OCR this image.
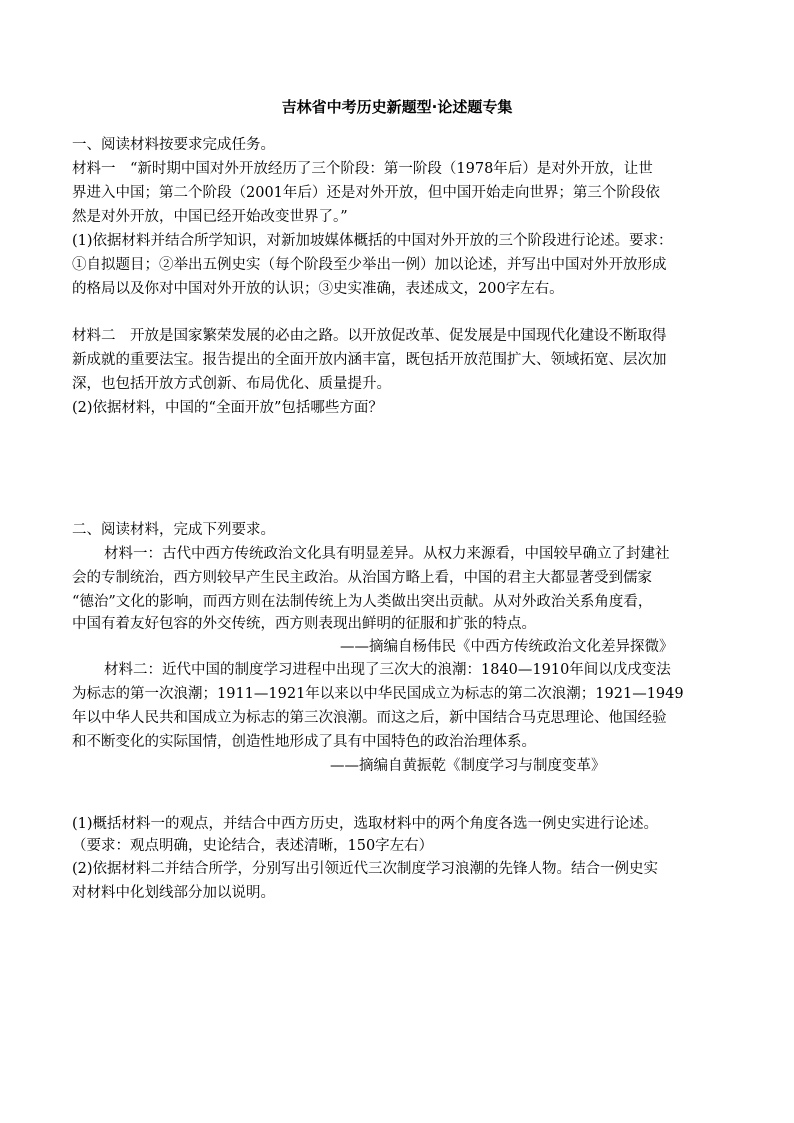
吉林省中考历史新题型·论述题专集
一、阅读材料按要求完成任务。
材料一　“新时期中国对外开放经历了三个阶段：第一阶段（1978年后）是对外开放，让世
界进入中国；第二个阶段（2001年后）还是对外开放，但中国开始走向世界；第三个阶段依
然是对外开放，中国已经开始改变世界了。”
(1)依据材料并结合所学知识，对新加坡媒体概括的中国对外开放的三个阶段进行论述。要求：
①自拟题目；②举出五例史实（每个阶段至少举出一例）加以论述，并写出中国对外开放形成
的格局以及你对中国对外开放的认识；③史实准确，表述成文，200字左右。
材料二　开放是国家繁荣发展的必由之路。以开放促改革、促发展是中国现代化建设不断取得
新成就的重要法宝。报告提出的全面开放内涵丰富，既包括开放范围扩大、领域拓宽、层次加
深，也包括开放方式创新、布局优化、质量提升。
(2)依据材料，中国的“全面开放”包括哪些方面？
二、阅读材料，完成下列要求。
材料一：古代中西方传统政治文化具有明显差异。从权力来源看，中国较早确立了封建社
会的专制统治，西方则较早产生民主政治。从治国方略上看，中国的君主大都显著受到儒家
“德治”文化的影响，而西方则在法制传统上为人类做出突出贡献。从对外政治关系角度看，
中国有着友好包容的外交传统，西方则表现出鲜明的征服和扩张的特点。
——摘编自杨伟民《中西方传统政治文化差异探微》
材料二：近代中国的制度学习进程中出现了三次大的浪潮：1840—1910年间以戊戌变法
为标志的第一次浪潮；1911—1921年以来以中华民国成立为标志的第二次浪潮；1921—1949
年以中华人民共和国成立为标志的第三次浪潮。而这之后，新中国结合马克思理论、他国经验
和不断变化的实际国情，创造性地形成了具有中国特色的政治治理体系。
——摘编自黄振乾《制度学习与制度变革》
(1)概括材料一的观点，并结合中西方历史，选取材料中的两个角度各选一例史实进行论述。
（要求：观点明确，史论结合，表述清晰，150字左右）
(2)依据材料二并结合所学，分别写出引领近代三次制度学习浪潮的先锋人物。结合一例史实
对材料中化划线部分加以说明。
